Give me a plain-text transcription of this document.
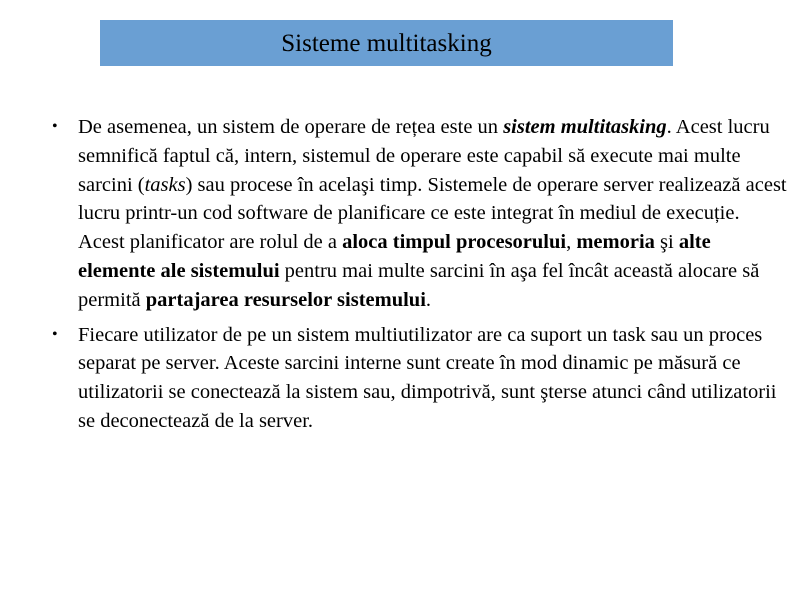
Sisteme multitasking
• De asemenea, un sistem de operare de rețea este un sistem multitasking. Acest lucru semnifică faptul că, intern, sistemul de operare este capabil să execute mai multe sarcini (tasks) sau procese în acelaşi timp. Sistemele de operare server realizează acest lucru printr-un cod software de planificare ce este integrat în mediul de execuție. Acest planificator are rolul de a aloca timpul procesorului, memoria şi alte elemente ale sistemului pentru mai multe sarcini în aşa fel încât această alocare să permită partajarea resurselor sistemului.
• Fiecare utilizator de pe un sistem multiutilizator are ca suport un task sau un proces separat pe server. Aceste sarcini interne sunt create în mod dinamic pe măsură ce utilizatorii se conectează la sistem sau, dimpotrivă, sunt şterse atunci când utilizatorii se deconectează de la server.
